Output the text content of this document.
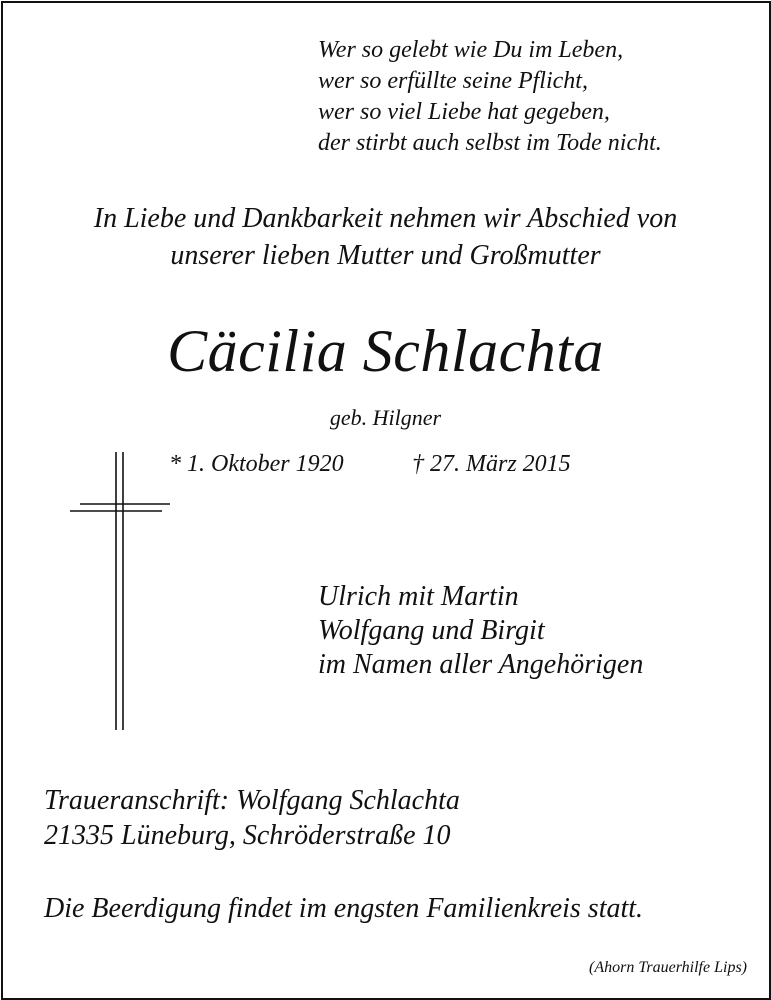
Wer so gelebt wie Du im Leben,
wer so erfüllte seine Pflicht,
wer so viel Liebe hat gegeben,
der stirbt auch selbst im Tode nicht.
In Liebe und Dankbarkeit nehmen wir Abschied von
unserer lieben Mutter und Großmutter
Cäcilia Schlachta
geb. Hilgner
* 1. Oktober 1920	† 27. März 2015
Ulrich mit Martin
Wolfgang und Birgit
im Namen aller Angehörigen
Traueranschrift: Wolfgang Schlachta
21335 Lüneburg, Schröderstraße 10
Die Beerdigung findet im engsten Familienkreis statt.
(Ahorn Trauerhilfe Lips)
